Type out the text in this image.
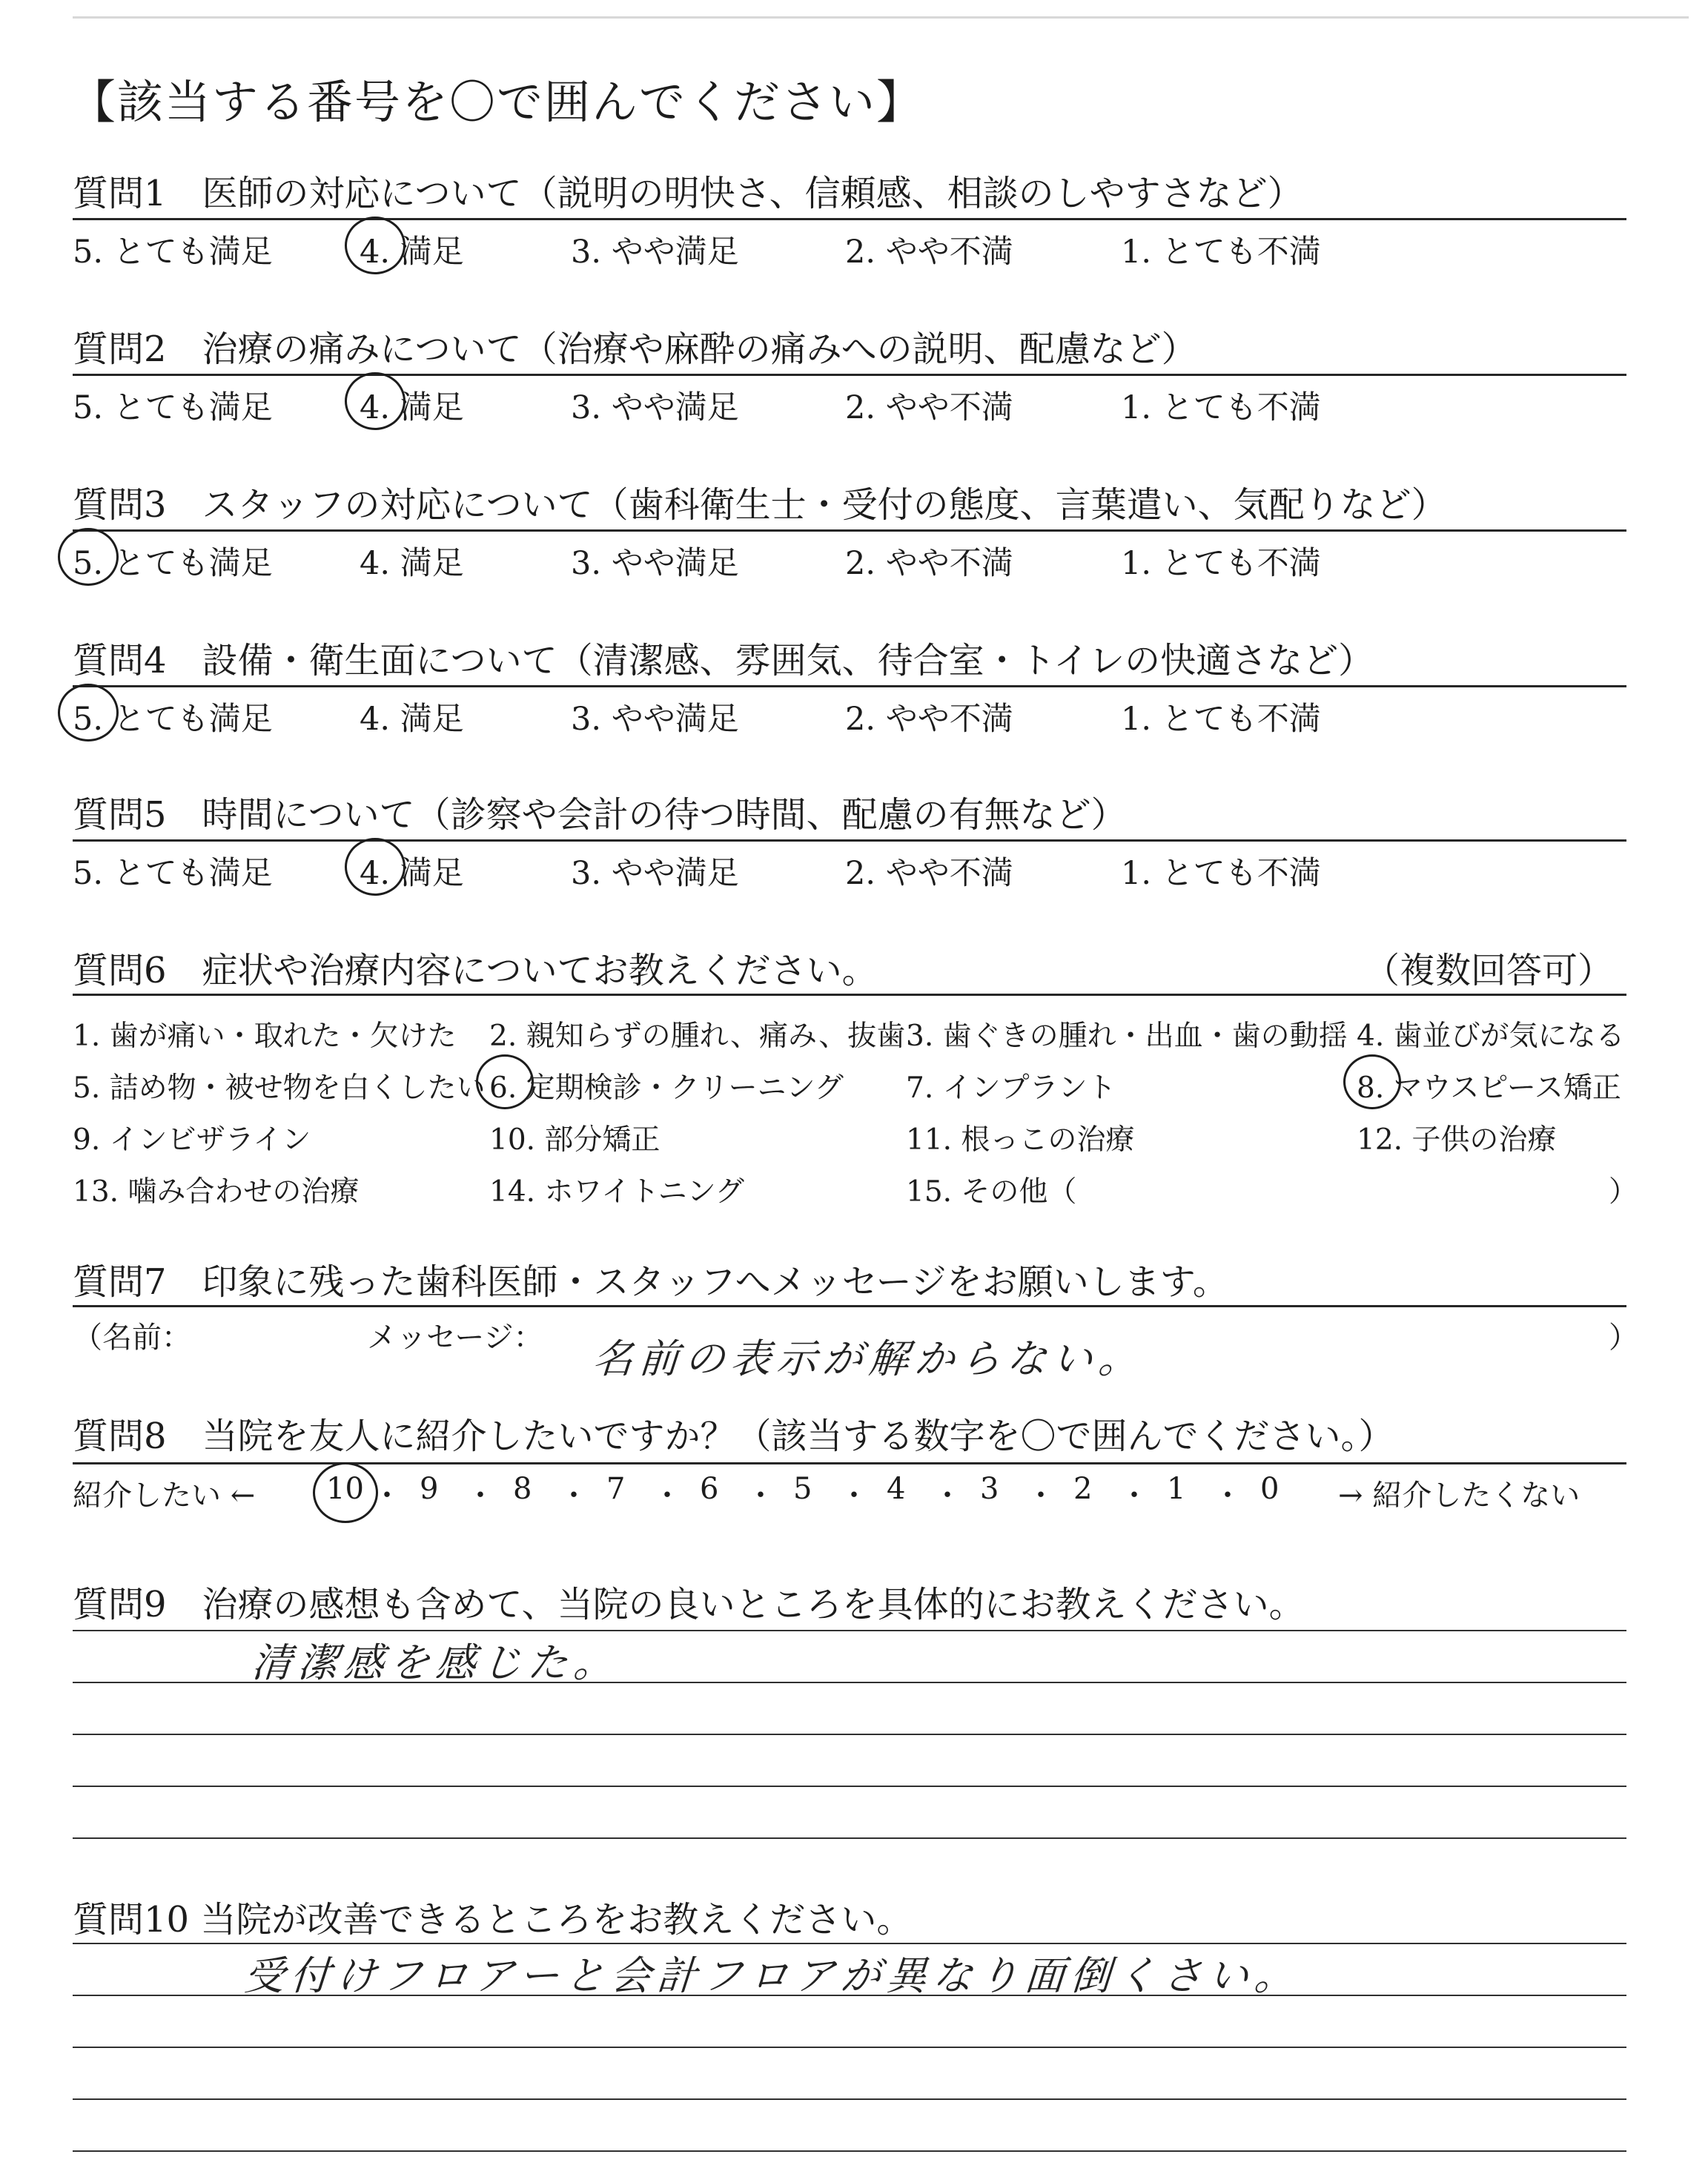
【該当する番号を〇で囲んでください】
質問1　医師の対応について（説明の明快さ、信頼感、相談のしやすさなど）
5. とても満足	4. 満足	3. やや満足	2. やや不満	1. とても不満
質問2　治療の痛みについて（治療や麻酔の痛みへの説明、配慮など）
5. とても満足	4. 満足	3. やや満足	2. やや不満	1. とても不満
質問3　スタッフの対応について（歯科衛生士・受付の態度、言葉遣い、気配りなど）
5. とても満足	4. 満足	3. やや満足	2. やや不満	1. とても不満
質問4　設備・衛生面について（清潔感、雰囲気、待合室・トイレの快適さなど）
5. とても満足	4. 満足	3. やや満足	2. やや不満	1. とても不満
質問5　時間について（診察や会計の待つ時間、配慮の有無など）
5. とても満足	4. 満足	3. やや満足	2. やや不満	1. とても不満
質問6　症状や治療内容についてお教えください。	（複数回答可）
1. 歯が痛い・取れた・欠けた 2. 親知らずの腫れ、痛み、抜歯 3. 歯ぐきの腫れ・出血・歯の動揺 4. 歯並びが気になる
5. 詰め物・被せ物を白くしたい 6. 定期検診・クリーニング 7. インプラント	8. マウスピース矯正
9. インビザライン	10. 部分矯正	11. 根っこの治療	12. 子供の治療
13. 噛み合わせの治療	14. ホワイトニング	15. その他（	）
質問7　印象に残った歯科医師・スタッフへメッセージをお願いします。
（名前：	メッセージ： 名前の表示が解からない。	）
質問8　当院を友人に紹介したいですか？（該当する数字を〇で囲んでください。）
紹介したい ← 10 ・ 9 ・ 8 ・ 7 ・ 6 ・ 5 ・ 4 ・ 3 ・ 2 ・ 1 ・ 0 → 紹介したくない
質問9　治療の感想も含めて、当院の良いところを具体的にお教えください。
清潔感を感じた。
質問10 当院が改善できるところをお教えください。
受付けフロアーと会計フロアが異なり面倒くさい。
